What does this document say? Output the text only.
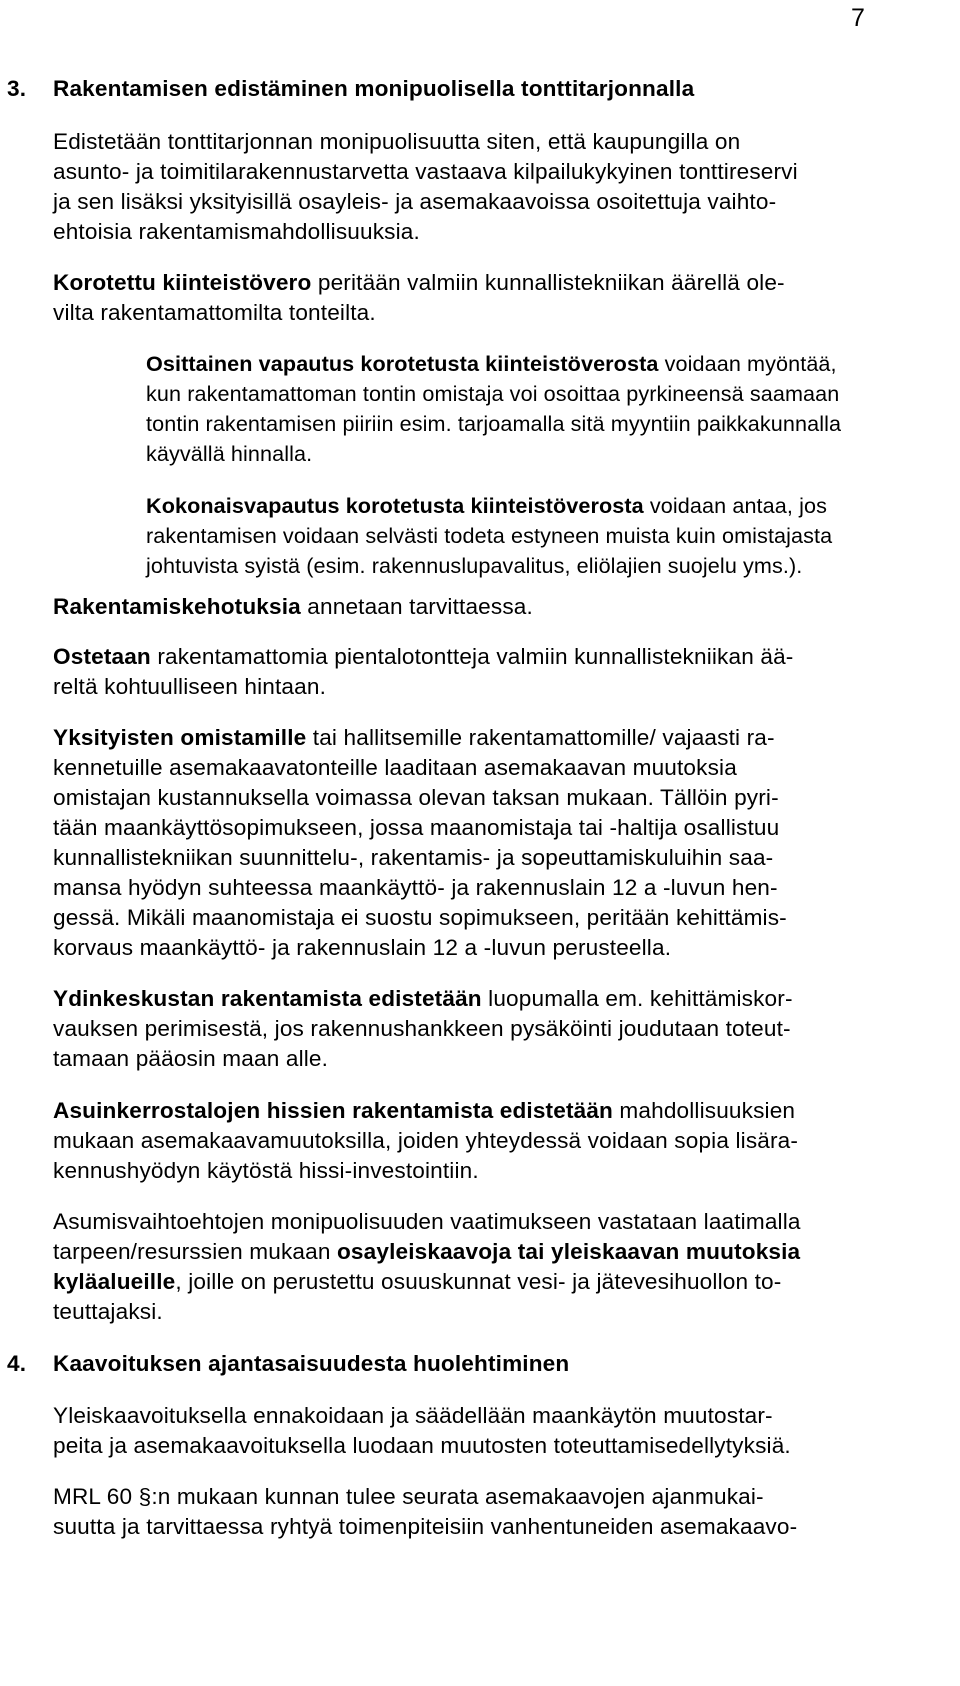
7
3. Rakentamisen edistäminen monipuolisella tonttitarjonnalla
Edistetään tonttitarjonnan monipuolisuutta siten, että kaupungilla on
asunto- ja toimitilarakennustarvetta vastaava kilpailukykyinen tonttireservi
ja sen lisäksi yksityisillä osayleis- ja asemakaavoissa osoitettuja vaihto-
ehtoisia rakentamismahdollisuuksia.
Korotettu kiinteistövero peritään valmiin kunnallistekniikan äärellä ole-
vilta rakentamattomilta tonteilta.
Osittainen vapautus korotetusta kiinteistöverosta voidaan myöntää,
kun rakentamattoman tontin omistaja voi osoittaa pyrkineensä saamaan
tontin rakentamisen piiriin esim. tarjoamalla sitä myyntiin paikkakunnalla
käyvällä hinnalla.
Kokonaisvapautus korotetusta kiinteistöverosta voidaan antaa, jos
rakentamisen voidaan selvästi todeta estyneen muista kuin omistajasta
johtuvista syistä (esim. rakennuslupavalitus, eliölajien suojelu yms.).
Rakentamiskehotuksia annetaan tarvittaessa.
Ostetaan rakentamattomia pientalotontteja valmiin kunnallistekniikan ää-
reltä kohtuulliseen hintaan.
Yksityisten omistamille tai hallitsemille rakentamattomille/ vajaasti ra-
kennetuille asemakaavatonteille laaditaan asemakaavan muutoksia
omistajan kustannuksella voimassa olevan taksan mukaan. Tällöin pyri-
tään maankäyttösopimukseen, jossa maanomistaja tai -haltija osallistuu
kunnallistekniikan suunnittelu-, rakentamis- ja sopeuttamiskuluihin saa-
mansa hyödyn suhteessa maankäyttö- ja rakennuslain 12 a -luvun hen-
gessä. Mikäli maanomistaja ei suostu sopimukseen, peritään kehittämis-
korvaus maankäyttö- ja rakennuslain 12 a -luvun perusteella.
Ydinkeskustan rakentamista edistetään luopumalla em. kehittämiskor-
vauksen perimisestä, jos rakennushankkeen pysäköinti joudutaan toteut-
tamaan pääosin maan alle.
Asuinkerrostalojen hissien rakentamista edistetään mahdollisuuksien
mukaan asemakaavamuutoksilla, joiden yhteydessä voidaan sopia lisära-
kennushyödyn käytöstä hissi-investointiin.
Asumisvaihtoehtojen monipuolisuuden vaatimukseen vastataan laatimalla
tarpeen/resurssien mukaan osayleiskaavoja tai yleiskaavan muutoksia
kyläalueille, joille on perustettu osuuskunnat vesi- ja jätevesihuollon to-
teuttajaksi.
4. Kaavoituksen ajantasaisuudesta huolehtiminen
Yleiskaavoituksella ennakoidaan ja säädellään maankäytön muutostar-
peita ja asemakaavoituksella luodaan muutosten toteuttamisedellytyksiä.
MRL 60 §:n mukaan kunnan tulee seurata asemakaavojen ajanmukai-
suutta ja tarvittaessa ryhtyä toimenpiteisiin vanhentuneiden asemakaavo-
